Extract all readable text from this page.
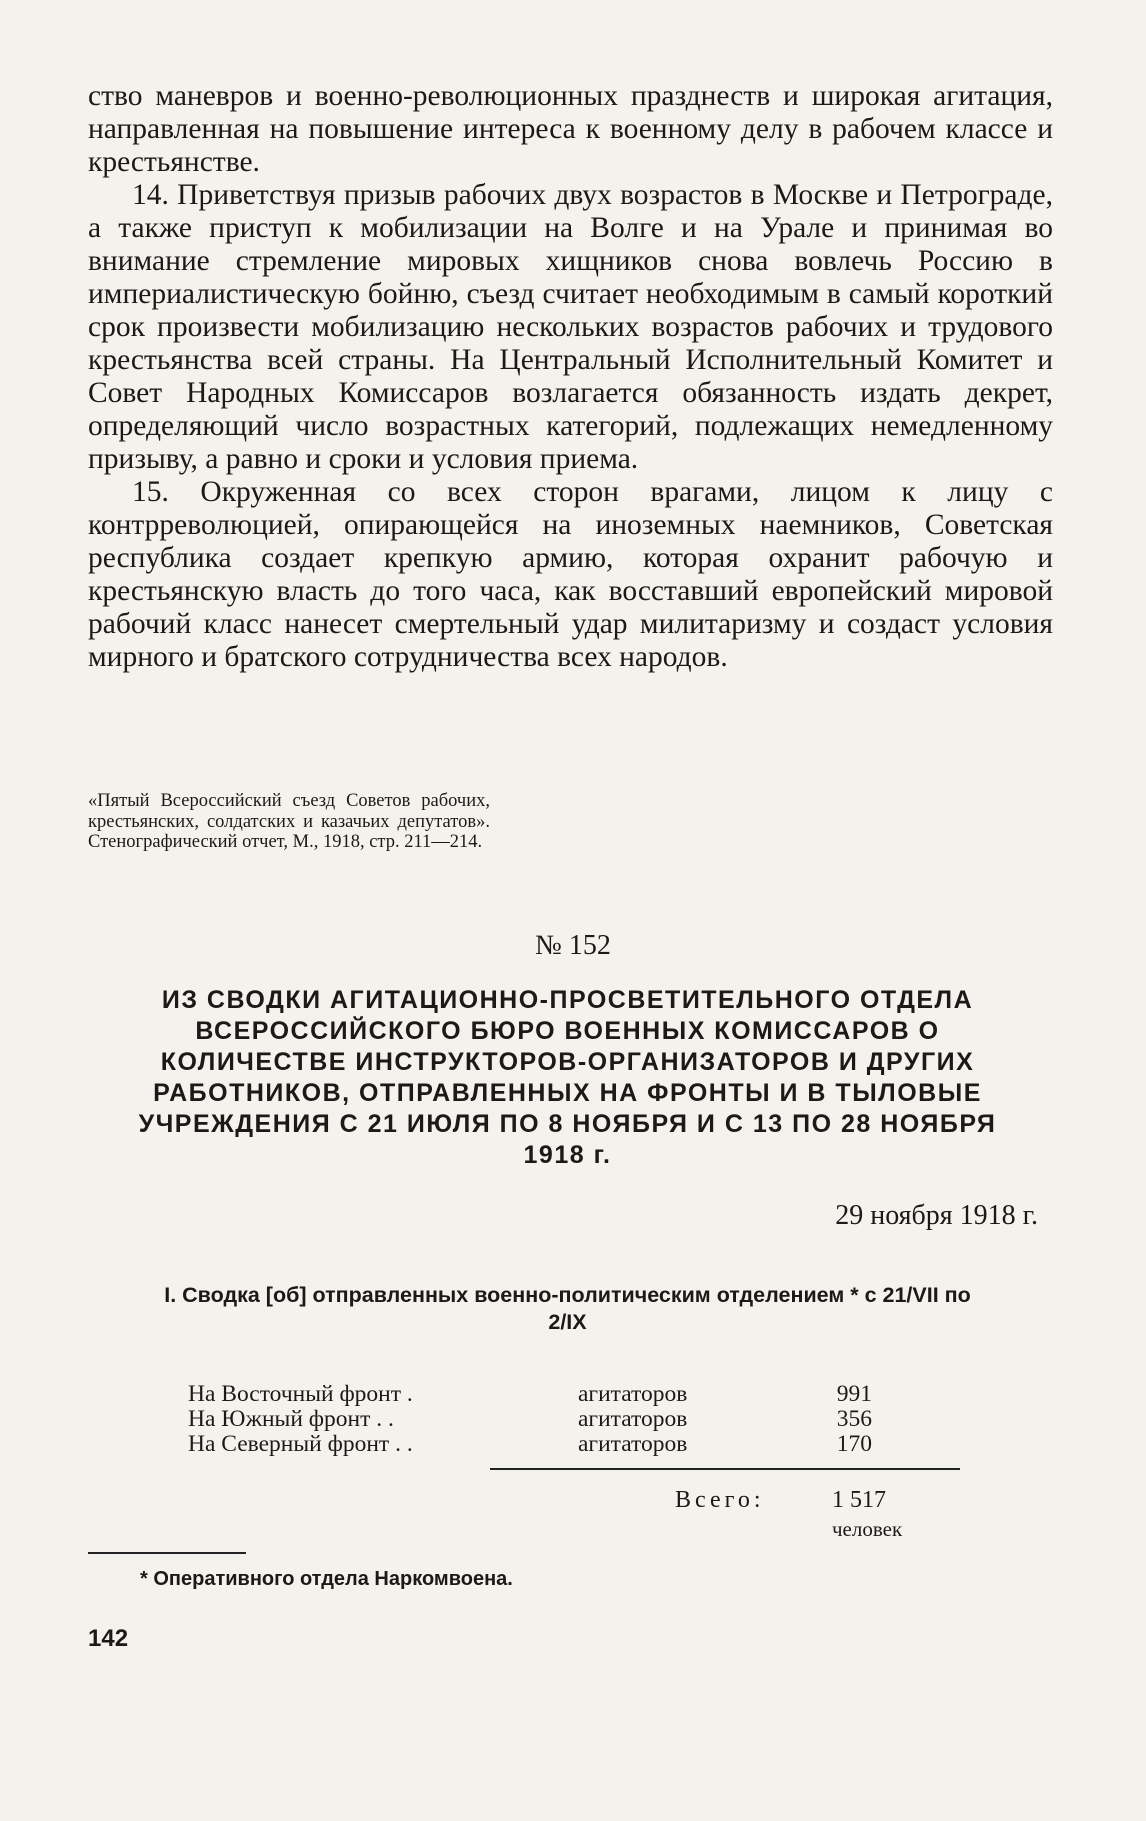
ство маневров и военно-революционных празднеств и широкая агитация, направленная на повышение интереса к военному делу в рабочем классе и крестьянстве.

14. Приветствуя призыв рабочих двух возрастов в Москве и Петрограде, а также приступ к мобилизации на Волге и на Урале и принимая во внимание стремление мировых хищников снова вовлечь Россию в империалистическую бойню, съезд считает необходимым в самый короткий срок произвести мобилизацию нескольких возрастов рабочих и трудового крестьянства всей страны. На Центральный Исполнительный Комитет и Совет Народных Комиссаров возлагается обязанность издать декрет, определяющий число возрастных категорий, подлежащих немедленному призыву, а равно и сроки и условия приема.

15. Окруженная со всех сторон врагами, лицом к лицу с контрреволюцией, опирающейся на иноземных наемников, Советская республика создает крепкую армию, которая охранит рабочую и крестьянскую власть до того часа, как восставший европейский мировой рабочий класс нанесет смертельный удар милитаризму и создаст условия мирного и братского сотрудничества всех народов.

«Пятый Всероссийский съезд Советов рабочих, крестьянских, солдатских и казачьих депутатов». Стенографический отчет, М., 1918, стр. 211—214.
№ 152
ИЗ СВОДКИ АГИТАЦИОННО-ПРОСВЕТИТЕЛЬНОГО ОТДЕЛА ВСЕРОССИЙСКОГО БЮРО ВОЕННЫХ КОМИССАРОВ О КОЛИЧЕСТВЕ ИНСТРУКТОРОВ-ОРГАНИЗАТОРОВ И ДРУГИХ РАБОТНИКОВ, ОТПРАВЛЕННЫХ НА ФРОНТЫ И В ТЫЛОВЫЕ УЧРЕЖДЕНИЯ С 21 ИЮЛЯ ПО 8 НОЯБРЯ И С 13 ПО 28 НОЯБРЯ 1918 г.
29 ноября 1918 г.
I. Сводка [об] отправленных военно-политическим отделением * с 21/VII по 2/IX
На Восточный фронт .	агитаторов	991
На Южный фронт . .	агитаторов	356
На Северный фронт . .	агитаторов	170
Всего:	1 517
человек
* Оперативного отдела Наркомвоена.
142
